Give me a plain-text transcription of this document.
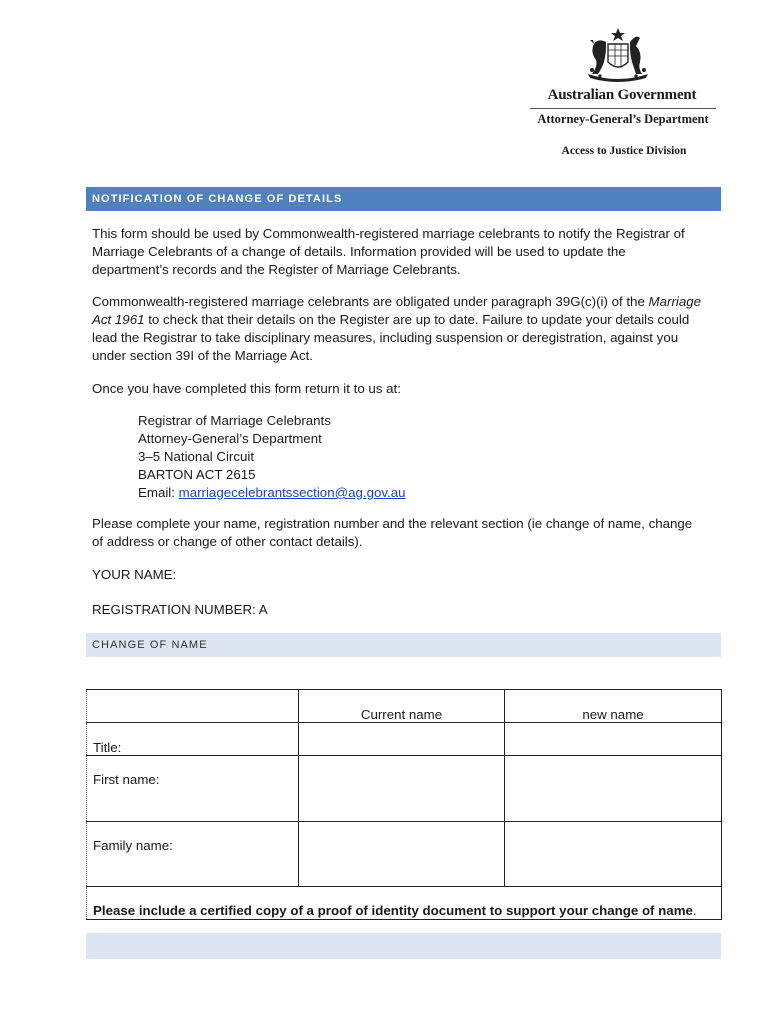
Australian Government
Attorney-General’s Department
Access to Justice Division
NOTIFICATION OF CHANGE OF DETAILS

This form should be used by Commonwealth-registered marriage celebrants to notify the Registrar of Marriage Celebrants of a change of details. Information provided will be used to update the department’s records and the Register of Marriage Celebrants.

Commonwealth-registered marriage celebrants are obligated under paragraph 39G(c)(i) of the Marriage Act 1961 to check that their details on the Register are up to date. Failure to update your details could lead the Registrar to take disciplinary measures, including suspension or deregistration, against you under section 39I of the Marriage Act.

Once you have completed this form return it to us at:

Registrar of Marriage Celebrants
Attorney-General’s Department
3–5 National Circuit
BARTON ACT 2615
Email: marriagecelebrantssection@ag.gov.au

Please complete your name, registration number and the relevant section (ie change of name, change of address or change of other contact details).

YOUR NAME:
REGISTRATION NUMBER: A
CHANGE OF NAME
	Current name	new name
Title:		
First name:		
Family name:		

Please include a certified copy of a proof of identity document to support your change of name.		
